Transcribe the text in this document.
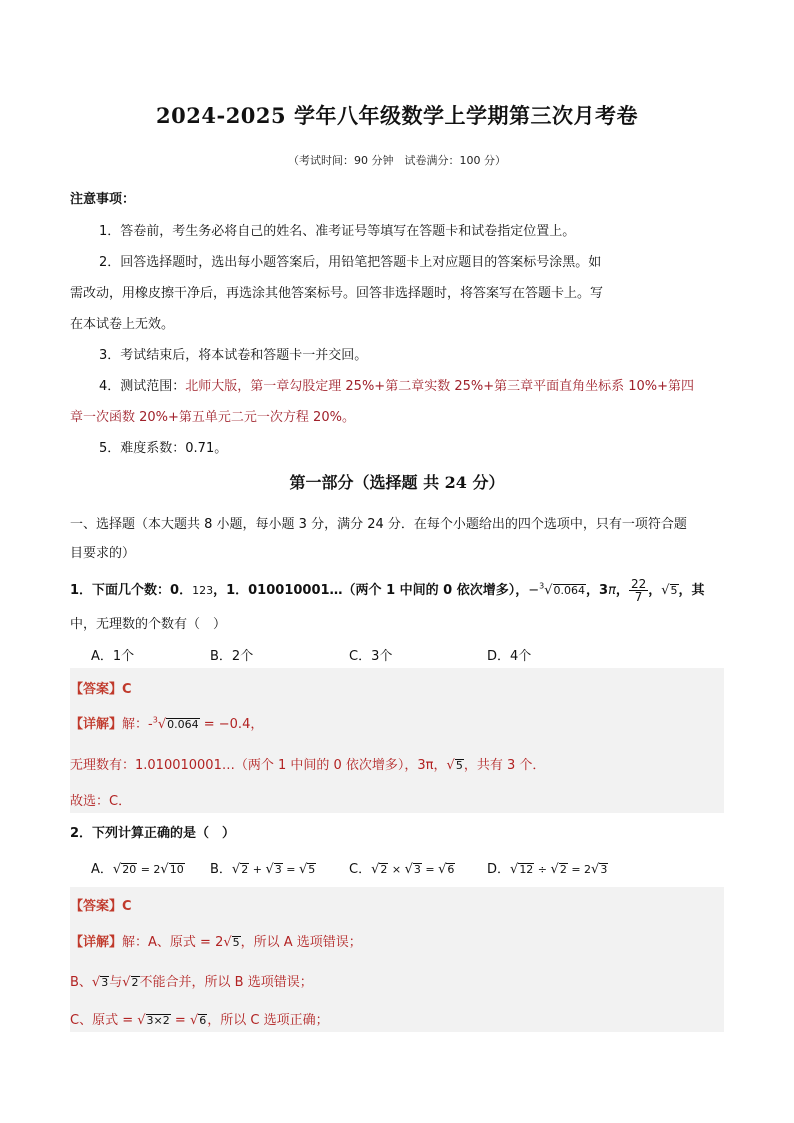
2024-2025 学年八年级数学上学期第三次月考卷
（考试时间：90 分钟　试卷满分：100 分）
注意事项：
1．答卷前，考生务必将自己的姓名、准考证号等填写在答题卡和试卷指定位置上。
2．回答选择题时，选出每小题答案后，用铅笔把答题卡上对应题目的答案标号涂黑。如
需改动，用橡皮擦干净后，再选涂其他答案标号。回答非选择题时，将答案写在答题卡上。写
在本试卷上无效。
3．考试结束后，将本试卷和答题卡一并交回。
4．测试范围：北师大版，第一章勾股定理 25%+第二章实数 25%+第三章平面直角坐标系 10%+第四
章一次函数 20%+第五单元二元一次方程 20%。
5．难度系数：0.71。
第一部分（选择题 共 24 分）
一、选择题（本大题共 8 小题，每小题 3 分，满分 24 分．在每个小题给出的四个选项中，只有一项符合题
目要求的）
1．下面几个数：0．123，1．010010001…（两个 1 中间的 0 依次增多），−$^3$√0.064，3π， $\frac{22}{7}$ ，√5，其
中，无理数的个数有（　）
A．1个	B．2个	C．3个	D．4个
【答案】C
【详解】解：-$^3$√0.064 = −0.4，
无理数有：1.010010001…（两个 1 中间的 0 依次增多），3π，√5，共有 3 个．
故选：C．
2．下列计算正确的是（　）
A．√20 = 2√10 B．√2 + √3 = √5	C．√2 × √3 = √6	D．√12 ÷ √2 = 2√3
【答案】C
【详解】解：A、原式 = 2√5，所以 A 选项错误；
B、√3与√2不能合并，所以 B 选项错误；
C、原式 = √3×2 = √6，所以 C 选项正确；
